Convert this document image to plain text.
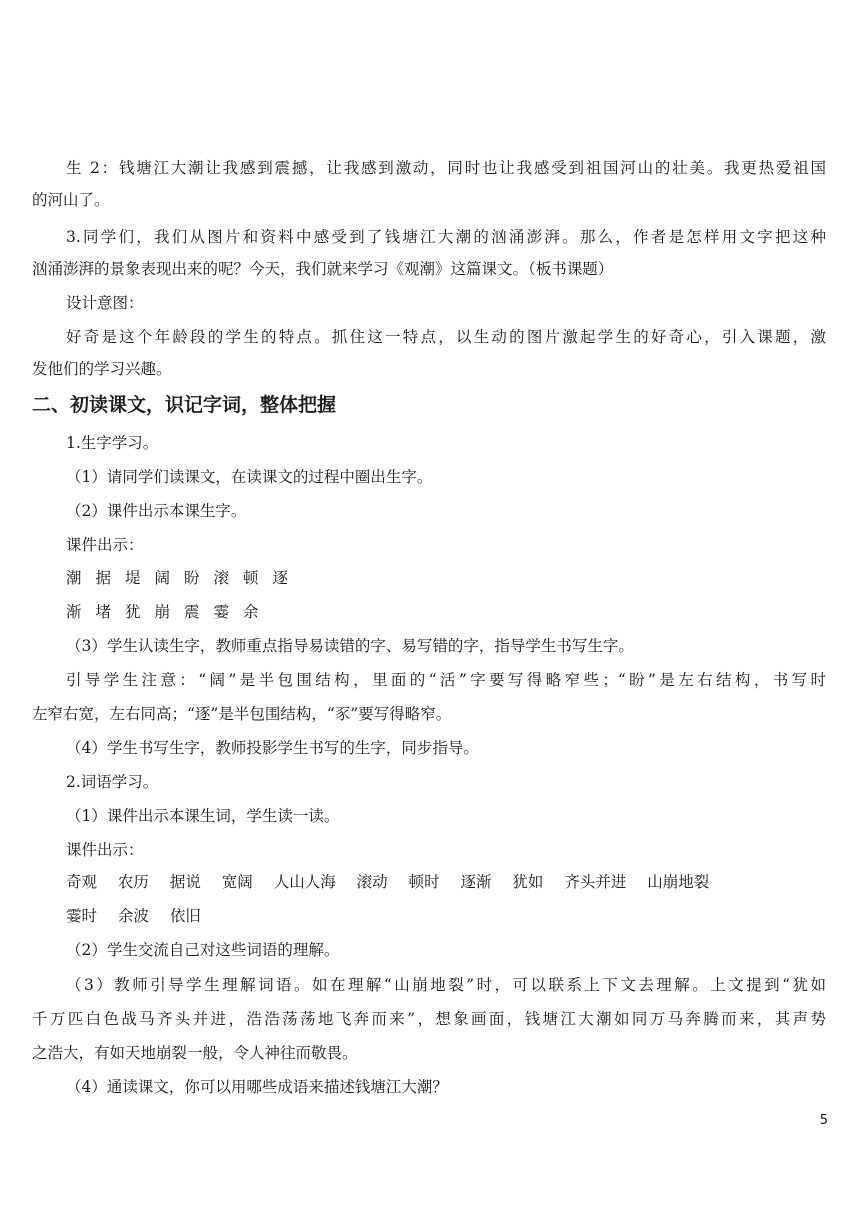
生 2：钱塘江大潮让我感到震撼，让我感到激动，同时也让我感受到祖国河山的壮美。我更热爱祖国
的河山了。
3.同学们，我们从图片和资料中感受到了钱塘江大潮的汹涌澎湃。那么，作者是怎样用文字把这种
汹涌澎湃的景象表现出来的呢？今天，我们就来学习《观潮》这篇课文。（板书课题）
设计意图：
好奇是这个年龄段的学生的特点。抓住这一特点，以生动的图片激起学生的好奇心，引入课题，激
发他们的学习兴趣。
二、初读课文，识记字词，整体把握
1.生字学习。
（1）请同学们读课文，在读课文的过程中圈出生字。
（2）课件出示本课生字。
课件出示：
潮据堤阔盼滚顿逐
渐堵犹崩震霎余
（3）学生认读生字，教师重点指导易读错的字、易写错的字，指导学生书写生字。
引导学生注意：“阔”是半包围结构，里面的“活”字要写得略窄些；“盼”是左右结构，书写时
左窄右宽，左右同高；“逐”是半包围结构，“豕”要写得略窄。
（4）学生书写生字，教师投影学生书写的生字，同步指导。
2.词语学习。
（1）课件出示本课生词，学生读一读。
课件出示：
奇观 农历 据说 宽阔 人山人海 滚动 顿时 逐渐 犹如 齐头并进 山崩地裂
霎时 余波 依旧
（2）学生交流自己对这些词语的理解。
（3）教师引导学生理解词语。如在理解“山崩地裂”时，可以联系上下文去理解。上文提到“犹如
千万匹白色战马齐头并进，浩浩荡荡地飞奔而来”，想象画面，钱塘江大潮如同万马奔腾而来，其声势
之浩大，有如天地崩裂一般，令人神往而敬畏。
（4）通读课文，你可以用哪些成语来描述钱塘江大潮？
5
